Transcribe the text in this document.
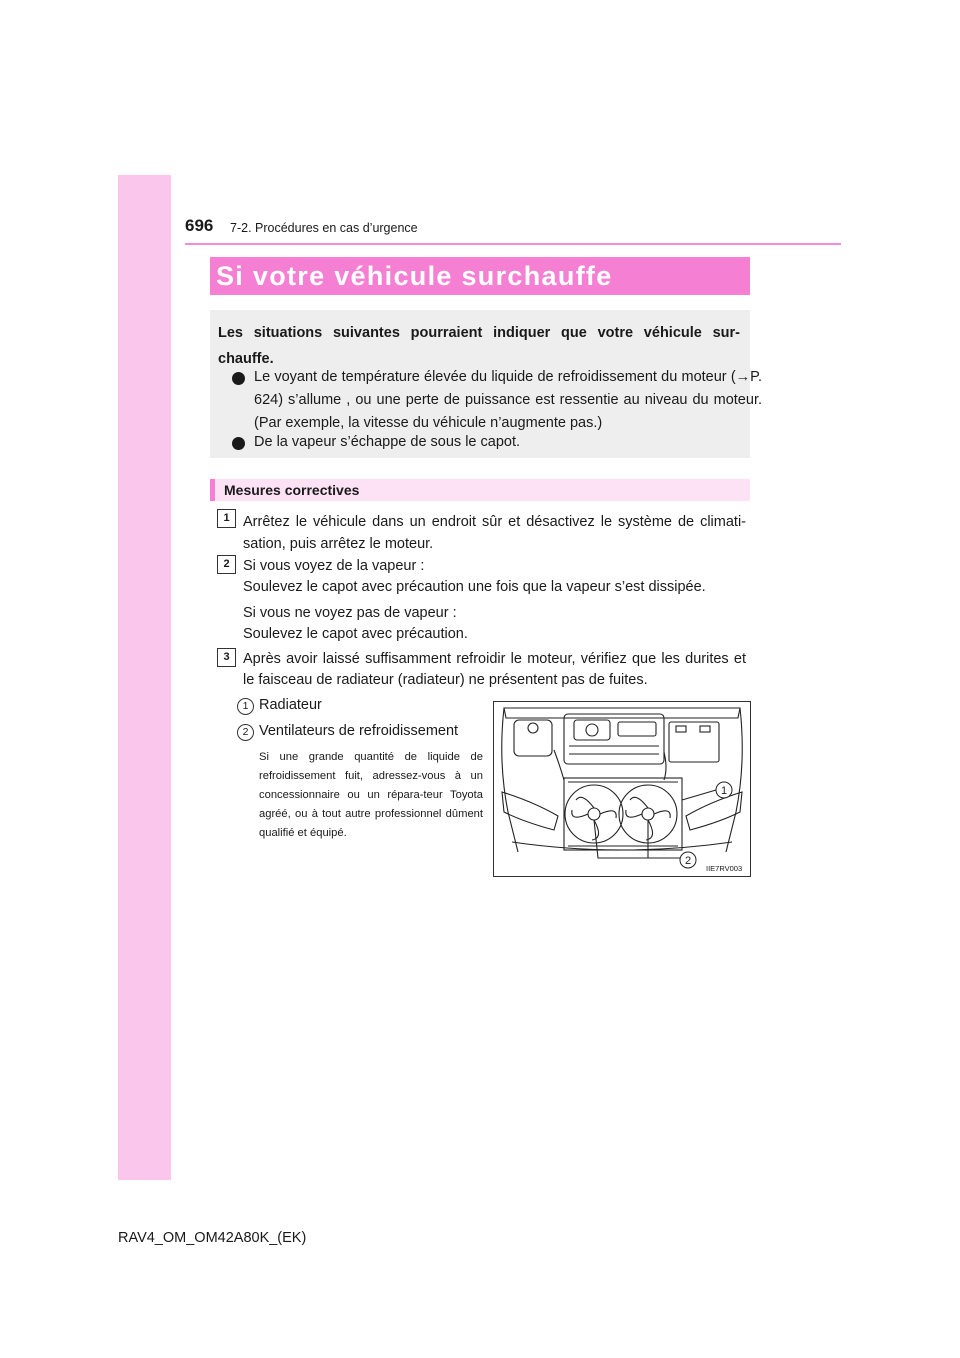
696 7-2. Procédures en cas d’urgence
Si votre véhicule surchauffe
Les situations suivantes pourraient indiquer que votre véhicule sur-chauffe.
Le voyant de température élevée du liquide de refroidissement du moteur (→P. 624) s’allume , ou une perte de puissance est ressentie au niveau du moteur. (Par exemple, la vitesse du véhicule n’augmente pas.)
De la vapeur s’échappe de sous le capot.
Mesures correctives
1 Arrêtez le véhicule dans un endroit sûr et désactivez le système de climati-sation, puis arrêtez le moteur.
2 Si vous voyez de la vapeur :
Soulevez le capot avec précaution une fois que la vapeur s’est dissipée.
Si vous ne voyez pas de vapeur :
Soulevez le capot avec précaution.
3 Après avoir laissé suffisamment refroidir le moteur, vérifiez que les durites et le faisceau de radiateur (radiateur) ne présentent pas de fuites.
1 Radiateur
2 Ventilateurs de refroidissement
Si une grande quantité de liquide de refroidissement fuit, adressez-vous à un concessionnaire ou un répara-teur Toyota agréé, ou à tout autre professionnel dûment qualifié et équipé.
1
2
IIE7RV003
RAV4_OM_OM42A80K_(EK)
